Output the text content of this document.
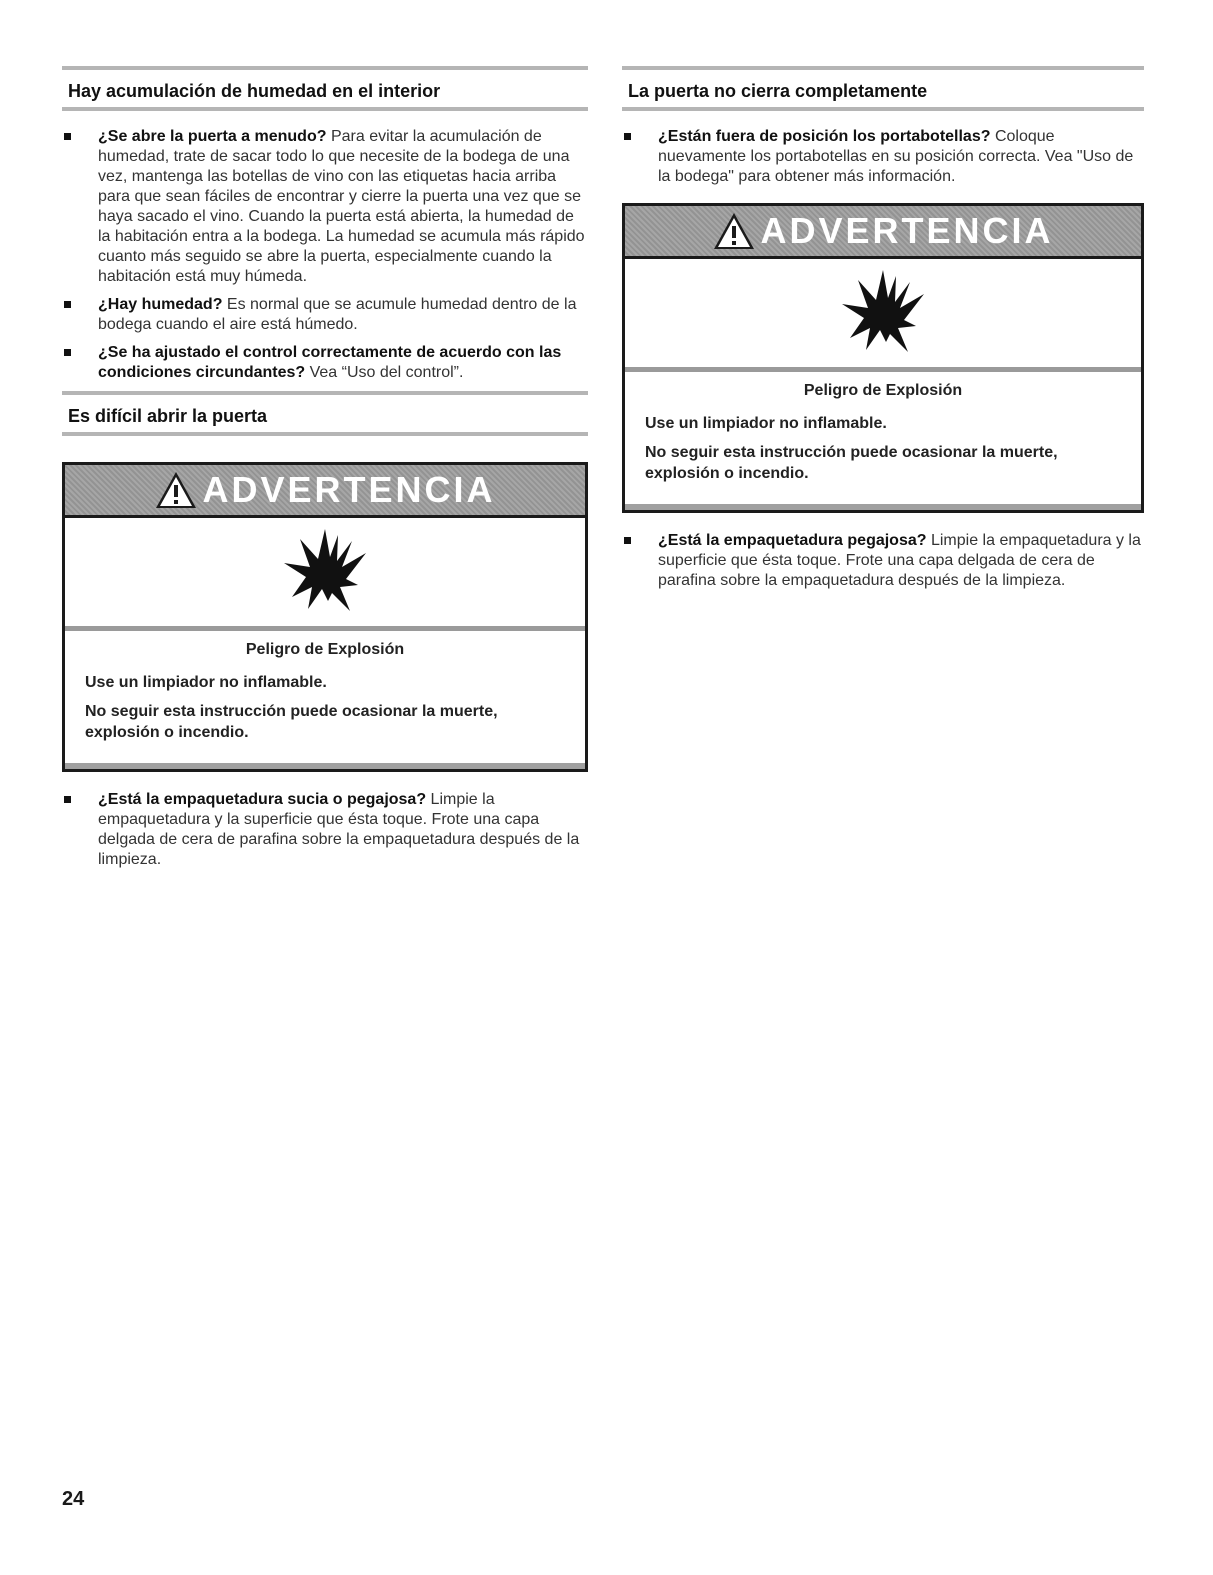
Hay acumulación de humedad en el interior
¿Se abre la puerta a menudo? Para evitar la acumulación de humedad, trate de sacar todo lo que necesite de la bodega de una vez, mantenga las botellas de vino con las etiquetas hacia arriba para que sean fáciles de encontrar y cierre la puerta una vez que se haya sacado el vino. Cuando la puerta está abierta, la humedad de la habitación entra a la bodega. La humedad se acumula más rápido cuanto más seguido se abre la puerta, especialmente cuando la habitación está muy húmeda.
¿Hay humedad? Es normal que se acumule humedad dentro de la bodega cuando el aire está húmedo.
¿Se ha ajustado el control correctamente de acuerdo con las condiciones circundantes? Vea “Uso del control”.
Es difícil abrir la puerta
ADVERTENCIA
Peligro de Explosión
Use un limpiador no inflamable.
No seguir esta instrucción puede ocasionar la muerte, explosión o incendio.
¿Está la empaquetadura sucia o pegajosa? Limpie la empaquetadura y la superficie que ésta toque. Frote una capa delgada de cera de parafina sobre la empaquetadura después de la limpieza.
La puerta no cierra completamente
¿Están fuera de posición los portabotellas? Coloque nuevamente los portabotellas en su posición correcta. Vea "Uso de la bodega" para obtener más información.
ADVERTENCIA
Peligro de Explosión
Use un limpiador no inflamable.
No seguir esta instrucción puede ocasionar la muerte, explosión o incendio.
¿Está la empaquetadura pegajosa? Limpie la empaquetadura y la superficie que ésta toque. Frote una capa delgada de cera de parafina sobre la empaquetadura después de la limpieza.
24
